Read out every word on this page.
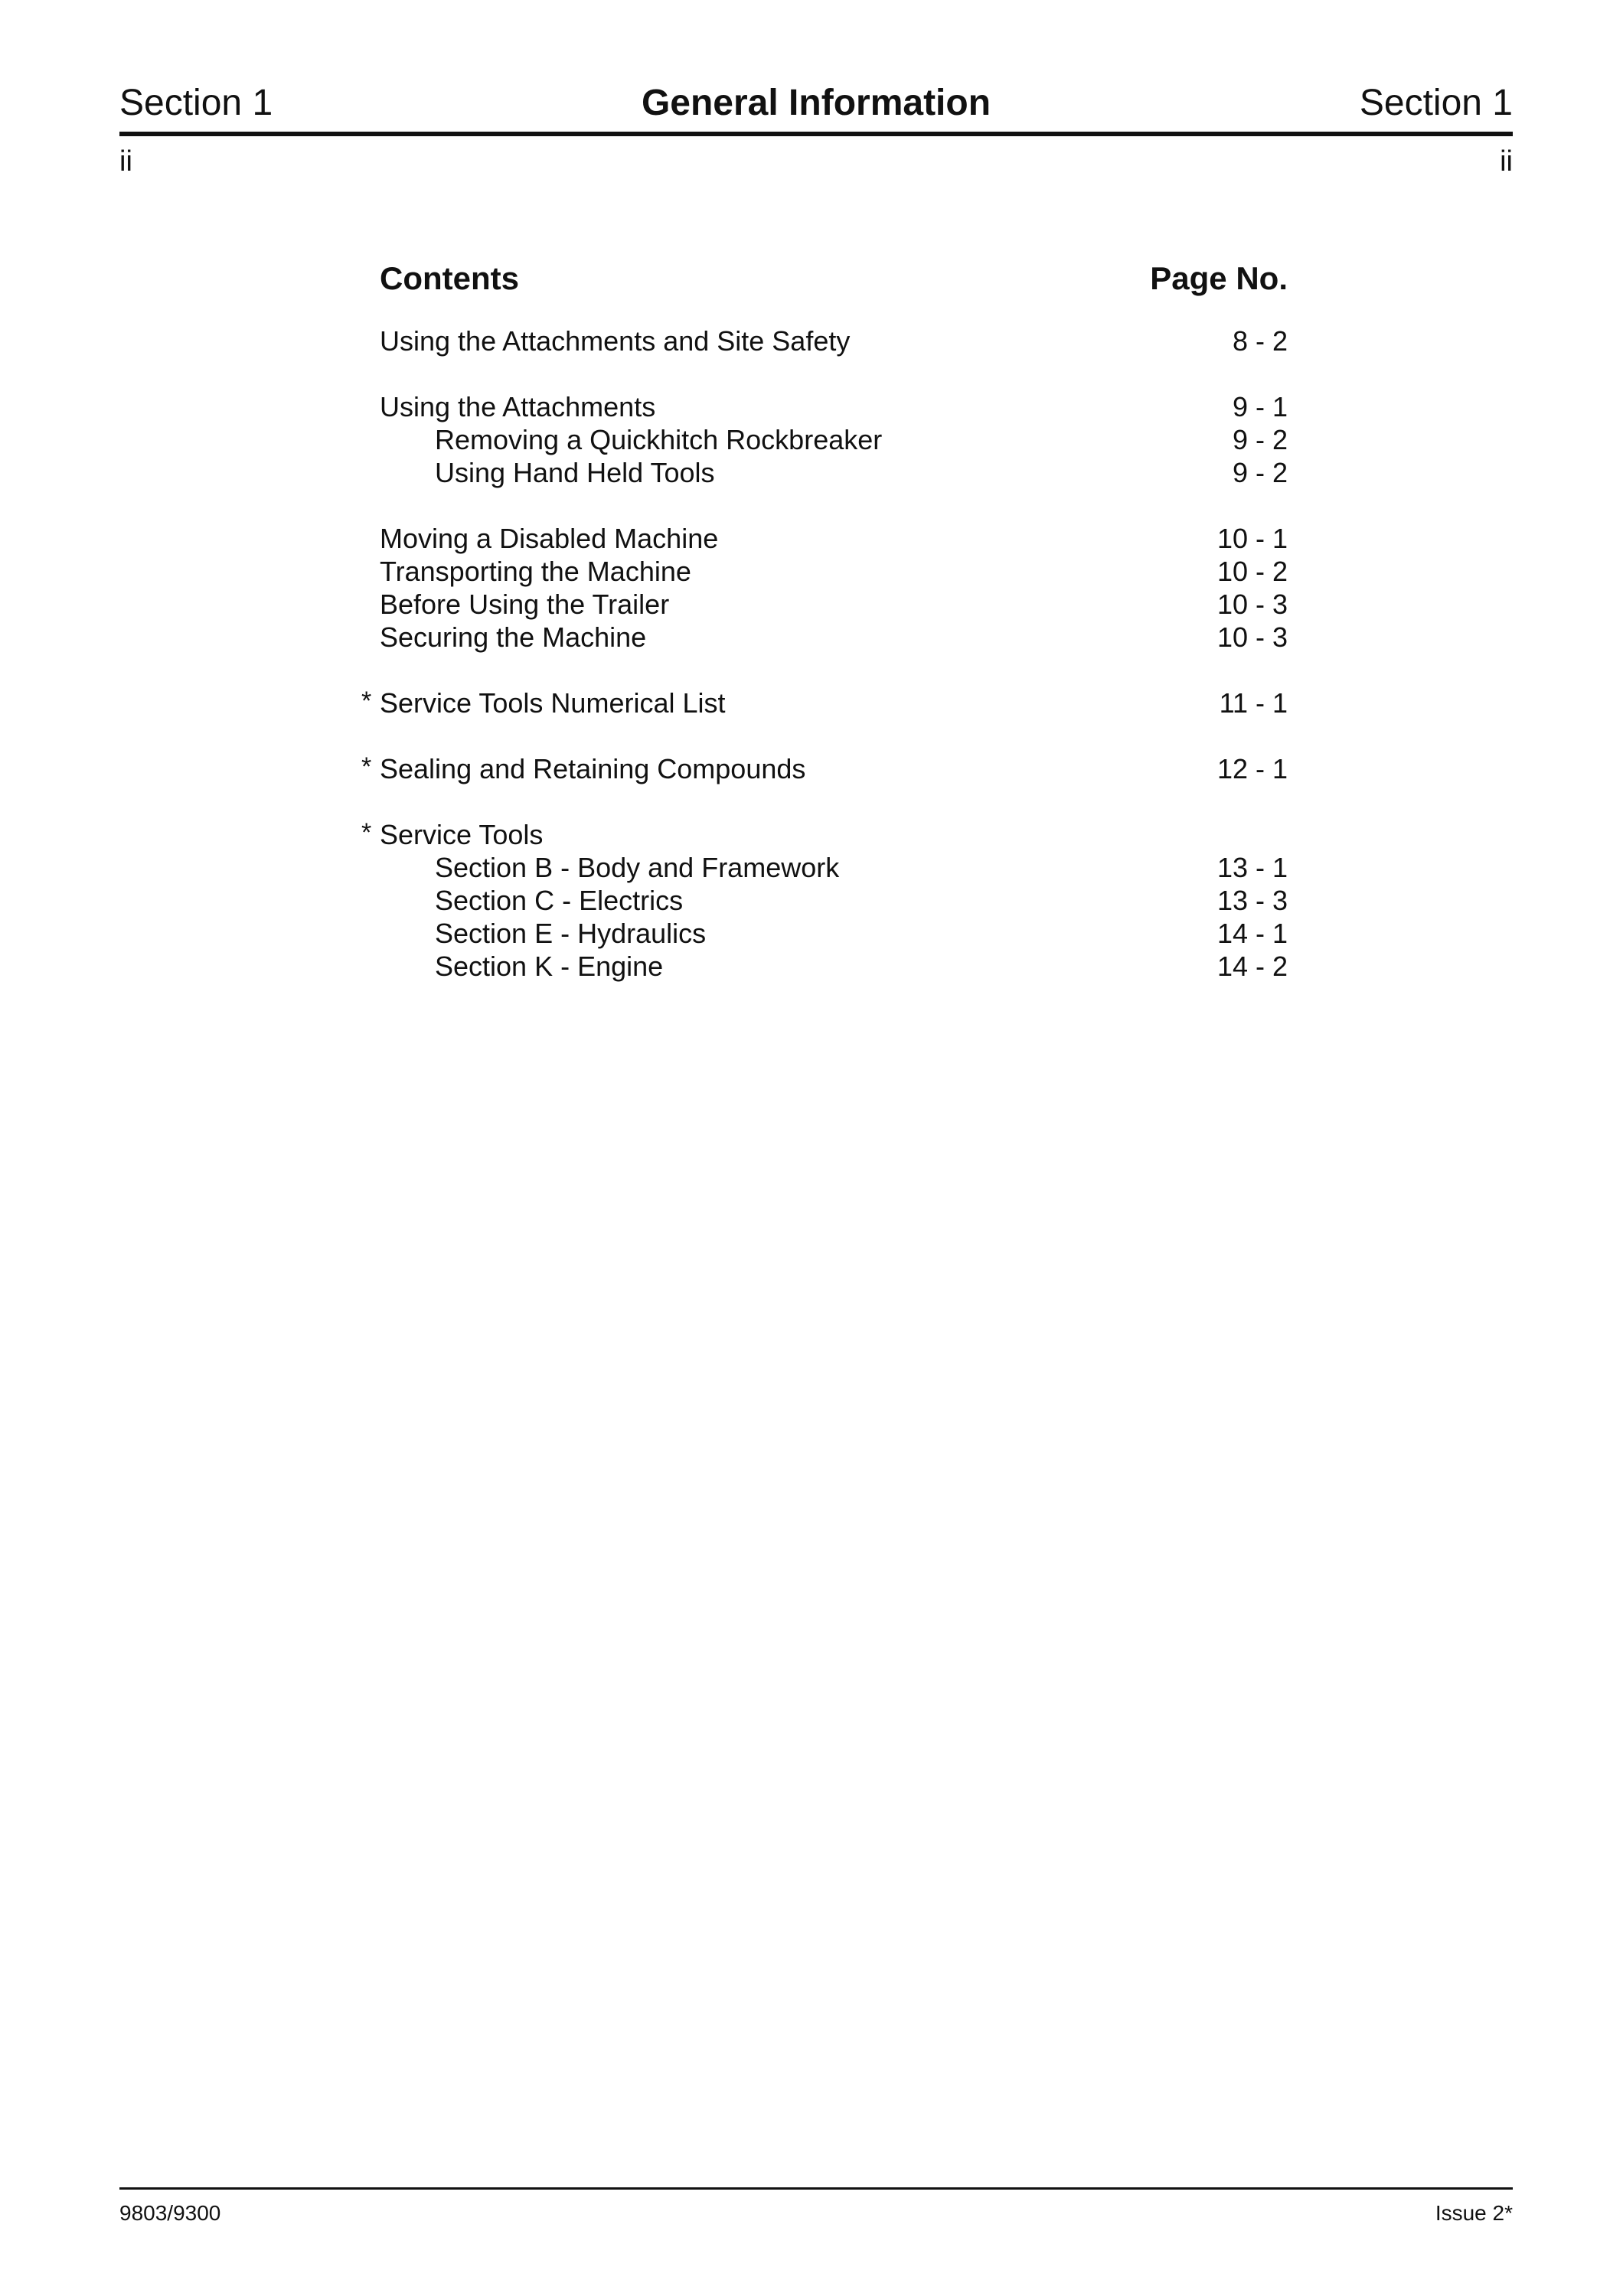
Section 1	General Information	Section 1
ii	ii
Contents	Page No.
Using the Attachments and Site Safety	8 - 2
Using the Attachments	9 - 1
Removing a Quickhitch Rockbreaker	9 - 2
Using Hand Held Tools	9 - 2
Moving a Disabled Machine	10 - 1
Transporting the Machine	10 - 2
Before Using the Trailer	10 - 3
Securing the Machine	10 - 3
* Service Tools Numerical List	11 - 1
* Sealing and Retaining Compounds	12 - 1
* Service Tools
Section B - Body and Framework	13 - 1
Section C - Electrics	13 - 3
Section E - Hydraulics	14 - 1
Section K - Engine	14 - 2
9803/9300	Issue 2*
